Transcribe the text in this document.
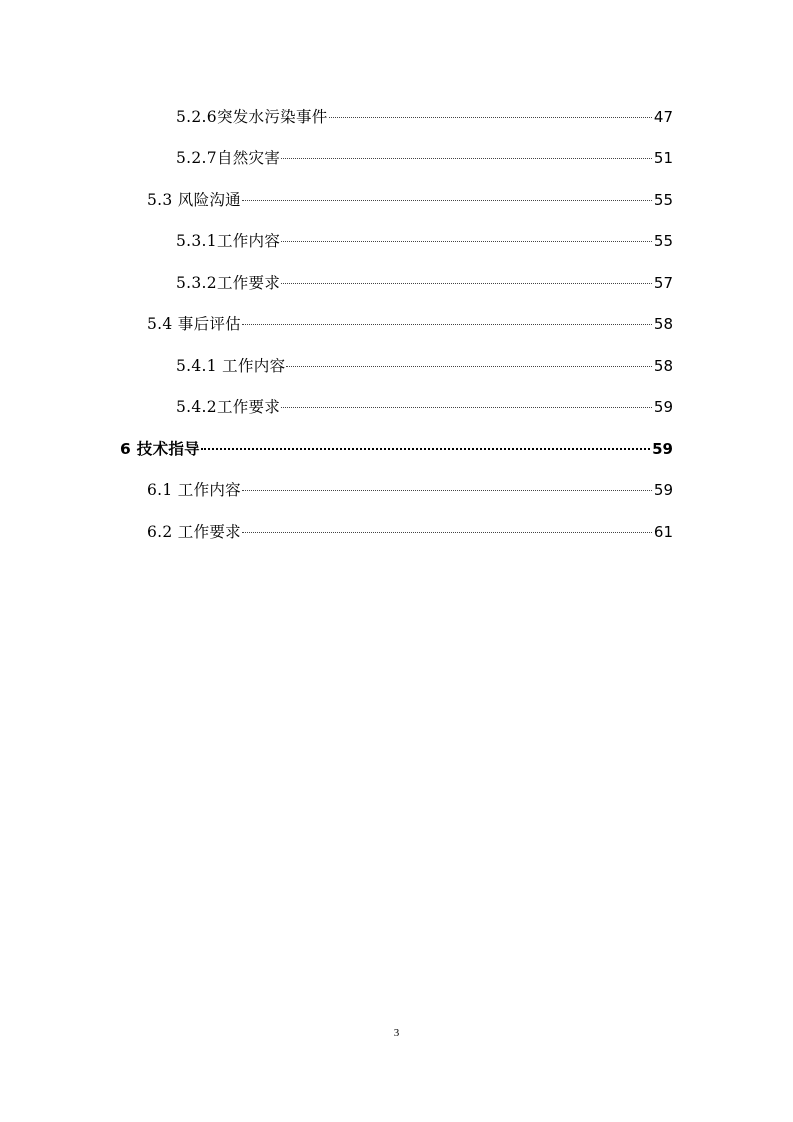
5.2.6突发水污染事件	47
5.2.7自然灾害	51
5.3 风险沟通	55
5.3.1工作内容	55
5.3.2工作要求	57
5.4 事后评估	58
5.4.1 工作内容	58
5.4.2工作要求	59
6 技术指导	59
6.1 工作内容	59
6.2 工作要求	61
3
